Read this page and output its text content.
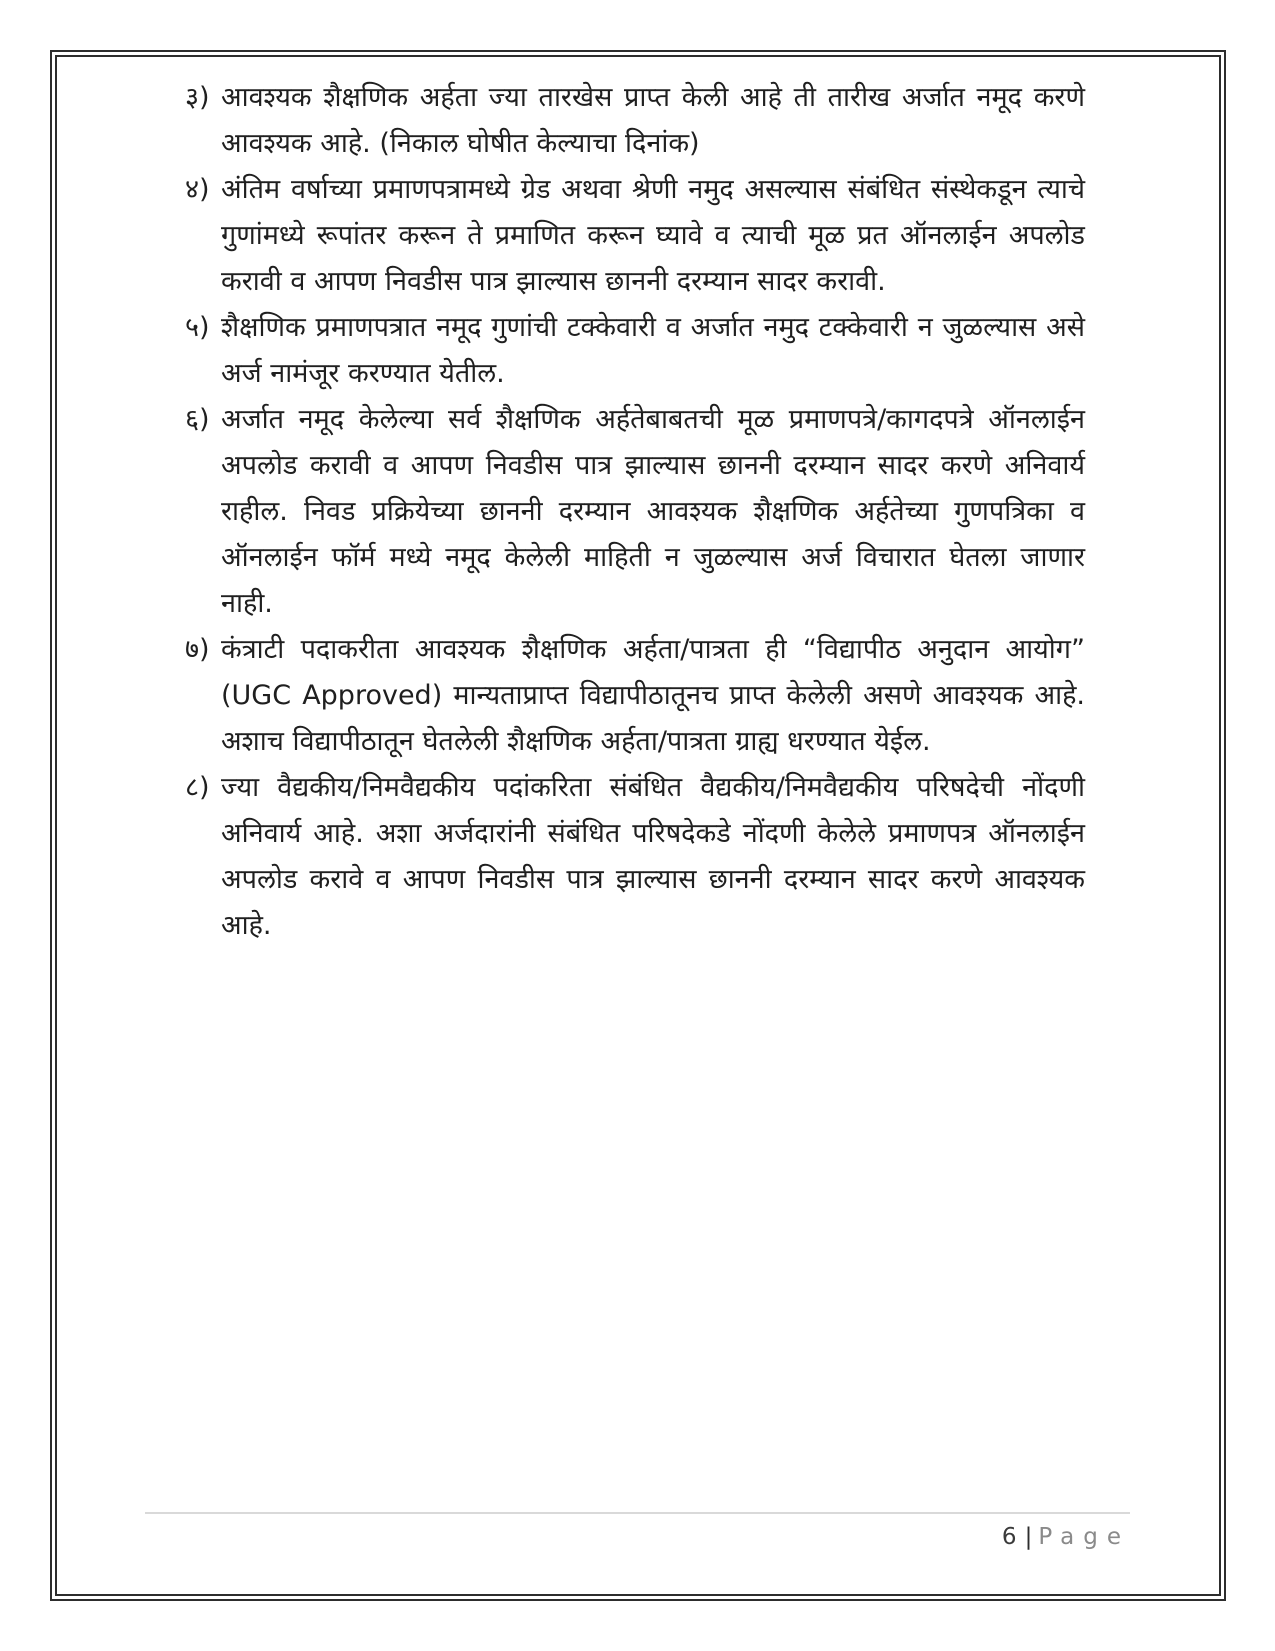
३) आवश्यक शैक्षणिक अर्हता ज्या तारखेस प्राप्त केली आहे ती तारीख अर्जात नमूद करणे आवश्यक आहे. (निकाल घोषीत केल्याचा दिनांक)
४) अंतिम वर्षाच्या प्रमाणपत्रामध्ये ग्रेड अथवा श्रेणी नमुद असल्यास संबंधित संस्थेकडून त्याचे गुणांमध्ये रूपांतर करून ते प्रमाणित करून घ्यावे व त्याची मूळ प्रत ऑनलाईन अपलोड करावी व आपण निवडीस पात्र झाल्यास छाननी दरम्यान सादर करावी.
५) शैक्षणिक प्रमाणपत्रात नमूद गुणांची टक्केवारी व अर्जात नमुद टक्केवारी न जुळल्यास असे अर्ज नामंजूर करण्यात येतील.
६) अर्जात नमूद केलेल्या सर्व शैक्षणिक अर्हतेबाबतची मूळ प्रमाणपत्रे/कागदपत्रे ऑनलाईन अपलोड करावी व आपण निवडीस पात्र झाल्यास छाननी दरम्यान सादर करणे अनिवार्य राहील. निवड प्रक्रियेच्या छाननी दरम्यान आवश्यक शैक्षणिक अर्हतेच्या गुणपत्रिका व ऑनलाईन फॉर्म मध्ये नमूद केलेली माहिती न जुळल्यास अर्ज विचारात घेतला जाणार नाही.
७) कंत्राटी पदाकरीता आवश्यक शैक्षणिक अर्हता/पात्रता ही “विद्यापीठ अनुदान आयोग” (UGC Approved) मान्यताप्राप्त विद्यापीठातूनच प्राप्त केलेली असणे आवश्यक आहे. अशाच विद्यापीठातून घेतलेली शैक्षणिक अर्हता/पात्रता ग्राह्य धरण्यात येईल.
८) ज्या वैद्यकीय/निमवैद्यकीय पदांकरिता संबंधित वैद्यकीय/निमवैद्यकीय परिषदेची नोंदणी अनिवार्य आहे. अशा अर्जदारांनी संबंधित परिषदेकडे नोंदणी केलेले प्रमाणपत्र ऑनलाईन अपलोड करावे व आपण निवडीस पात्र झाल्यास छाननी दरम्यान सादर करणे आवश्यक आहे.
6 | Page
